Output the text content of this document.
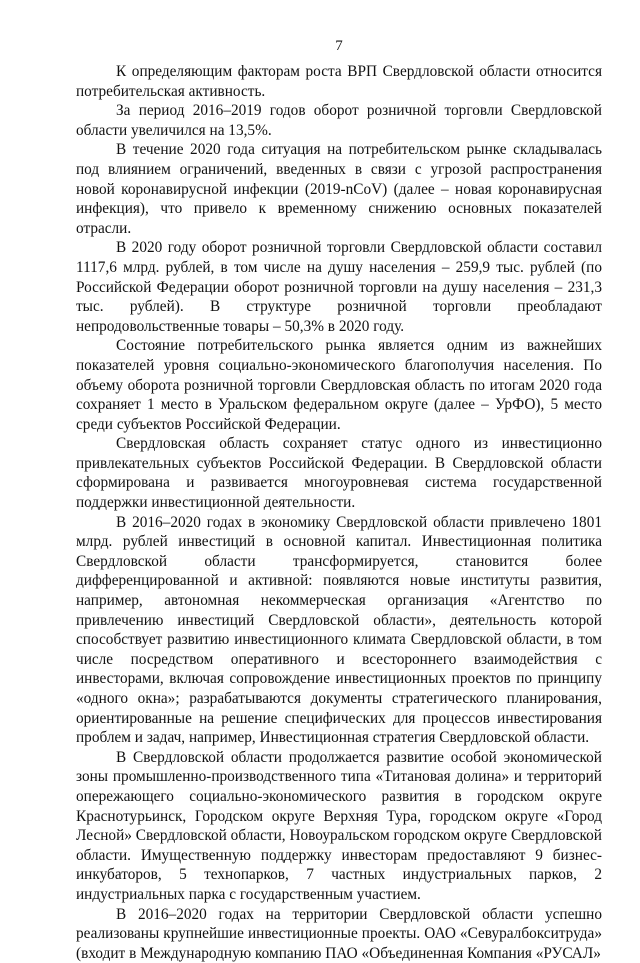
7

К определяющим факторам роста ВРП Свердловской области относится потребительская активность.

За период 2016–2019 годов оборот розничной торговли Свердловской области увеличился на 13,5%.

В течение 2020 года ситуация на потребительском рынке складывалась под влиянием ограничений, введенных в связи с угрозой распространения новой коронавирусной инфекции (2019-nCoV) (далее – новая коронавирусная инфекция), что привело к временному снижению основных показателей отрасли.

В 2020 году оборот розничной торговли Свердловской области составил 1117,6 млрд. рублей, в том числе на душу населения – 259,9 тыс. рублей (по Российской Федерации оборот розничной торговли на душу населения – 231,3 тыс. рублей). В структуре розничной торговли преобладают непродовольственные товары – 50,3% в 2020 году.

Состояние потребительского рынка является одним из важнейших показателей уровня социально-экономического благополучия населения. По объему оборота розничной торговли Свердловская область по итогам 2020 года сохраняет 1 место в Уральском федеральном округе (далее – УрФО), 5 место среди субъектов Российской Федерации.

Свердловская область сохраняет статус одного из инвестиционно привлекательных субъектов Российской Федерации. В Свердловской области сформирована и развивается многоуровневая система государственной поддержки инвестиционной деятельности.

В 2016–2020 годах в экономику Свердловской области привлечено 1801 млрд. рублей инвестиций в основной капитал. Инвестиционная политика Свердловской области трансформируется, становится более дифференцированной и активной: появляются новые институты развития, например, автономная некоммерческая организация «Агентство по привлечению инвестиций Свердловской области», деятельность которой способствует развитию инвестиционного климата Свердловской области, в том числе посредством оперативного и всестороннего взаимодействия с инвесторами, включая сопровождение инвестиционных проектов по принципу «одного окна»; разрабатываются документы стратегического планирования, ориентированные на решение специфических для процессов инвестирования проблем и задач, например, Инвестиционная стратегия Свердловской области.

В Свердловской области продолжается развитие особой экономической зоны промышленно-производственного типа «Титановая долина» и территорий опережающего социально-экономического развития в городском округе Краснотурьинск, Городском округе Верхняя Тура, городском округе «Город Лесной» Свердловской области, Новоуральском городском округе Свердловской области. Имущественную поддержку инвесторам предоставляют 9 бизнес-инкубаторов, 5 технопарков, 7 частных индустриальных парков, 2 индустриальных парка с государственным участием.

В 2016–2020 годах на территории Свердловской области успешно реализованы крупнейшие инвестиционные проекты. ОАО «Севуралбокситруда» (входит в Международную компанию ПАО «Объединенная Компания «РУСАЛ»
